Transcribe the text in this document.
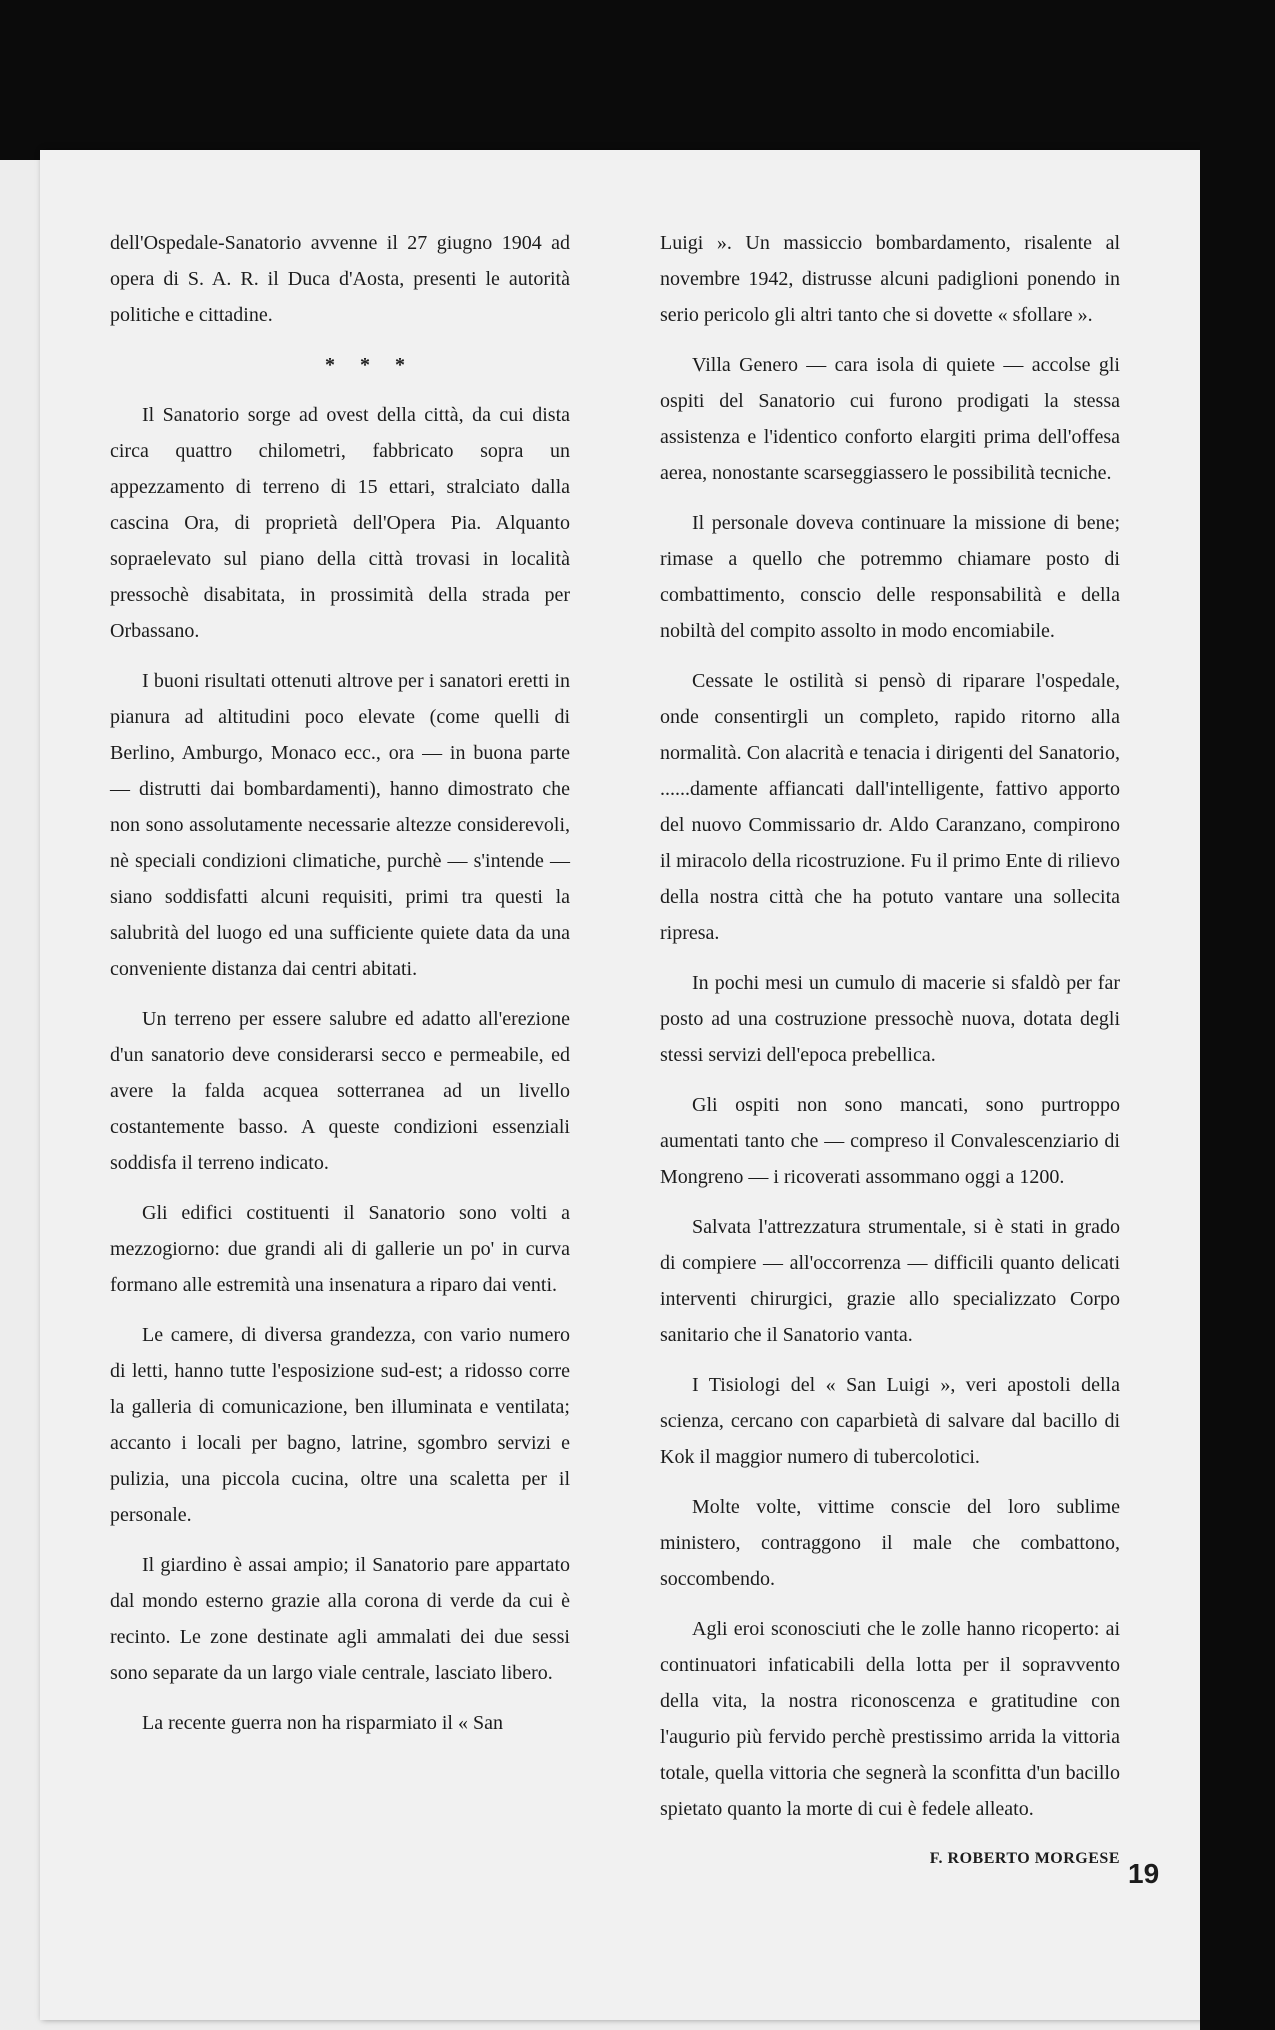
dell'Ospedale-Sanatorio avvenne il 27 giugno 1904 ad opera di S. A. R. il Duca d'Aosta, presenti le autorità politiche e cittadine.

* * *

Il Sanatorio sorge ad ovest della città, da cui dista circa quattro chilometri, fabbricato sopra un appezzamento di terreno di 15 ettari, stralciato dalla cascina Ora, di proprietà dell'Opera Pia. Alquanto sopraelevato sul piano della città trovasi in località pressochè disabitata, in prossimità della strada per Orbassano.

I buoni risultati ottenuti altrove per i sanatori eretti in pianura ad altitudini poco elevate (come quelli di Berlino, Amburgo, Monaco ecc., ora — in buona parte — distrutti dai bombardamenti), hanno dimostrato che non sono assolutamente necessarie altezze considerevoli, nè speciali condizioni climatiche, purchè — s'intende — siano soddisfatti alcuni requisiti, primi tra questi la salubrità del luogo ed una sufficiente quiete data da una conveniente distanza dai centri abitati.

Un terreno per essere salubre ed adatto all'erezione d'un sanatorio deve considerarsi secco e permeabile, ed avere la falda acquea sotterranea ad un livello costantemente basso. A queste condizioni essenziali soddisfa il terreno indicato.

Gli edifici costituenti il Sanatorio sono volti a mezzogiorno: due grandi ali di gallerie un po' in curva formano alle estremità una insenatura a riparo dai venti.

Le camere, di diversa grandezza, con vario numero di letti, hanno tutte l'esposizione sud-est; a ridosso corre la galleria di comunicazione, ben illuminata e ventilata; accanto i locali per bagno, latrine, sgombro servizi e pulizia, una piccola cucina, oltre una scaletta per il personale.

Il giardino è assai ampio; il Sanatorio pare appartato dal mondo esterno grazie alla corona di verde da cui è recinto. Le zone destinate agli ammalati dei due sessi sono separate da un largo viale centrale, lasciato libero.

La recente guerra non ha risparmiato il « San

Luigi ». Un massiccio bombardamento, risalente al novembre 1942, distrusse alcuni padiglioni ponendo in serio pericolo gli altri tanto che si dovette « sfollare ».

Villa Genero — cara isola di quiete — accolse gli ospiti del Sanatorio cui furono prodigati la stessa assistenza e l'identico conforto elargiti prima dell'offesa aerea, nonostante scarseggiassero le possibilità tecniche.

Il personale doveva continuare la missione di bene; rimase a quello che potremmo chiamare posto di combattimento, conscio delle responsabilità e della nobiltà del compito assolto in modo encomiabile.

Cessate le ostilità si pensò di riparare l'ospedale, onde consentirgli un completo, rapido ritorno alla normalità. Con alacrità e tenacia i dirigenti del Sanatorio, ......damente affiancati dall'intelligente, fattivo apporto del nuovo Commissario dr. Aldo Caranzano, compirono il miracolo della ricostruzione. Fu il primo Ente di rilievo della nostra città che ha potuto vantare una sollecita ripresa.

In pochi mesi un cumulo di macerie si sfaldò per far posto ad una costruzione pressochè nuova, dotata degli stessi servizi dell'epoca prebellica.

Gli ospiti non sono mancati, sono purtroppo aumentati tanto che — compreso il Convalescenziario di Mongreno — i ricoverati assommano oggi a 1200.

Salvata l'attrezzatura strumentale, si è stati in grado di compiere — all'occorrenza — difficili quanto delicati interventi chirurgici, grazie allo specializzato Corpo sanitario che il Sanatorio vanta.

I Tisiologi del « San Luigi », veri apostoli della scienza, cercano con caparbietà di salvare dal bacillo di Kok il maggior numero di tubercolotici.

Molte volte, vittime conscie del loro sublime ministero, contraggono il male che combattono, soccombendo.

Agli eroi sconosciuti che le zolle hanno ricoperto: ai continuatori infaticabili della lotta per il sopravvento della vita, la nostra riconoscenza e gratitudine con l'augurio più fervido perchè prestissimo arrida la vittoria totale, quella vittoria che segnerà la sconfitta d'un bacillo spietato quanto la morte di cui è fedele alleato.

F. ROBERTO MORGESE 19
